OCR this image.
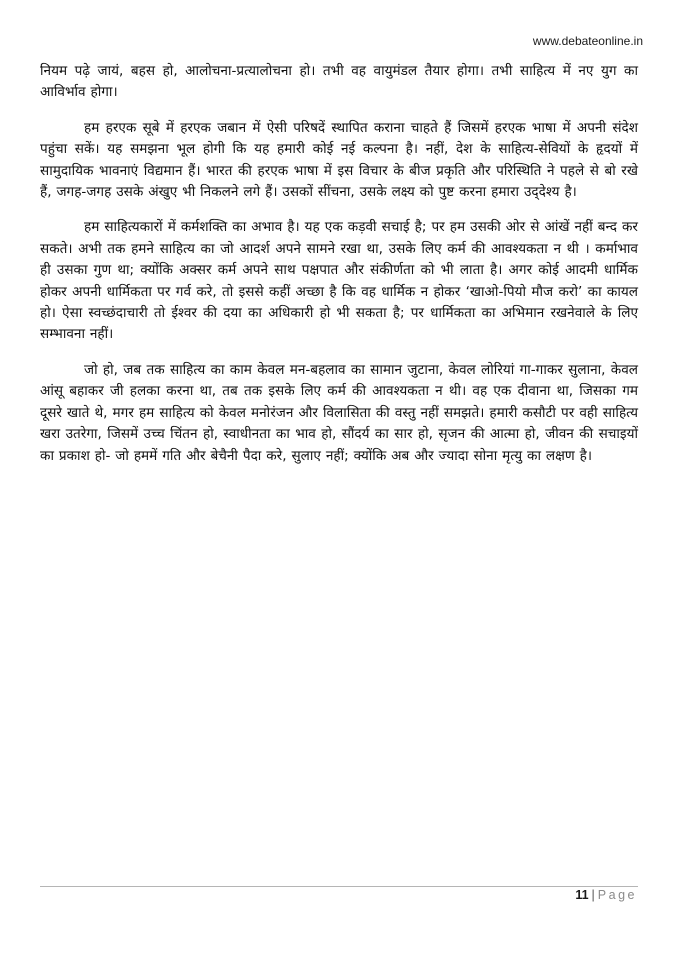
www.debateonline.in

नियम पढ़े जायं, बहस हो, आलोचना-प्रत्यालोचना हो। तभी वह वायुमंडल तैयार होगा। तभी साहित्य में नए युग का आविर्भाव होगा।

हम हरएक सूबे में हरएक जबान में ऐसी परिषदें स्थापित कराना चाहते हैं जिसमें हरएक भाषा में अपनी संदेश पहुंचा सकें। यह समझना भूल होगी कि यह हमारी कोई नई कल्पना है। नहीं, देश के साहित्य-सेवियों के हृदयों में सामुदायिक भावनाएं विद्यमान हैं। भारत की हरएक भाषा में इस विचार के बीज प्रकृति और परिस्थिति ने पहले से बो रखे हैं, जगह-जगह उसके अंखुए भी निकलने लगे हैं। उसकों सींचना, उसके लक्ष्य को पुष्ट करना हमारा उद्‌देश्य है।

हम साहित्यकारों में कर्मशक्ति का अभाव है। यह एक कड़वी सचाई है; पर हम उसकी ओर से आंखें नहीं बन्द कर सकते। अभी तक हमने साहित्य का जो आदर्श अपने सामने रखा था, उसके लिए कर्म की आवश्यकता न थी । कर्माभाव ही उसका गुण था; क्योंकि अक्सर कर्म अपने साथ पक्षपात और संकीर्णता को भी लाता है। अगर कोई आदमी धार्मिक होकर अपनी धार्मिकता पर गर्व करे, तो इससे कहीं अच्छा है कि वह धार्मिक न होकर ‘खाओ-पियो मौज करो’ का कायल हो। ऐसा स्वच्छंदाचारी तो ईश्वर की दया का अधिकारी हो भी सकता है; पर धार्मिकता का अभिमान रखनेवाले के लिए सम्भावना नहीं।

जो हो, जब तक साहित्य का काम केवल मन-बहलाव का सामान जुटाना, केवल लोरियां गा-गाकर सुलाना, केवल आंसू बहाकर जी हलका करना था, तब तक इसके लिए कर्म की आवश्यकता न थी। वह एक दीवाना था, जिसका गम दूसरे खाते थे, मगर हम साहित्य को केवल मनोरंजन और विलासिता की वस्तु नहीं समझते। हमारी कसौटी पर वही साहित्य खरा उतरेगा, जिसमें उच्च चिंतन हो, स्वाधीनता का भाव हो, सौंदर्य का सार हो, सृजन की आत्मा हो, जीवन की सचाइयों का प्रकाश हो- जो हममें गति और बेचैनी पैदा करे, सुलाए नहीं; क्योंकि अब और ज्यादा सोना मृत्यु का लक्षण है।

11 | Page
